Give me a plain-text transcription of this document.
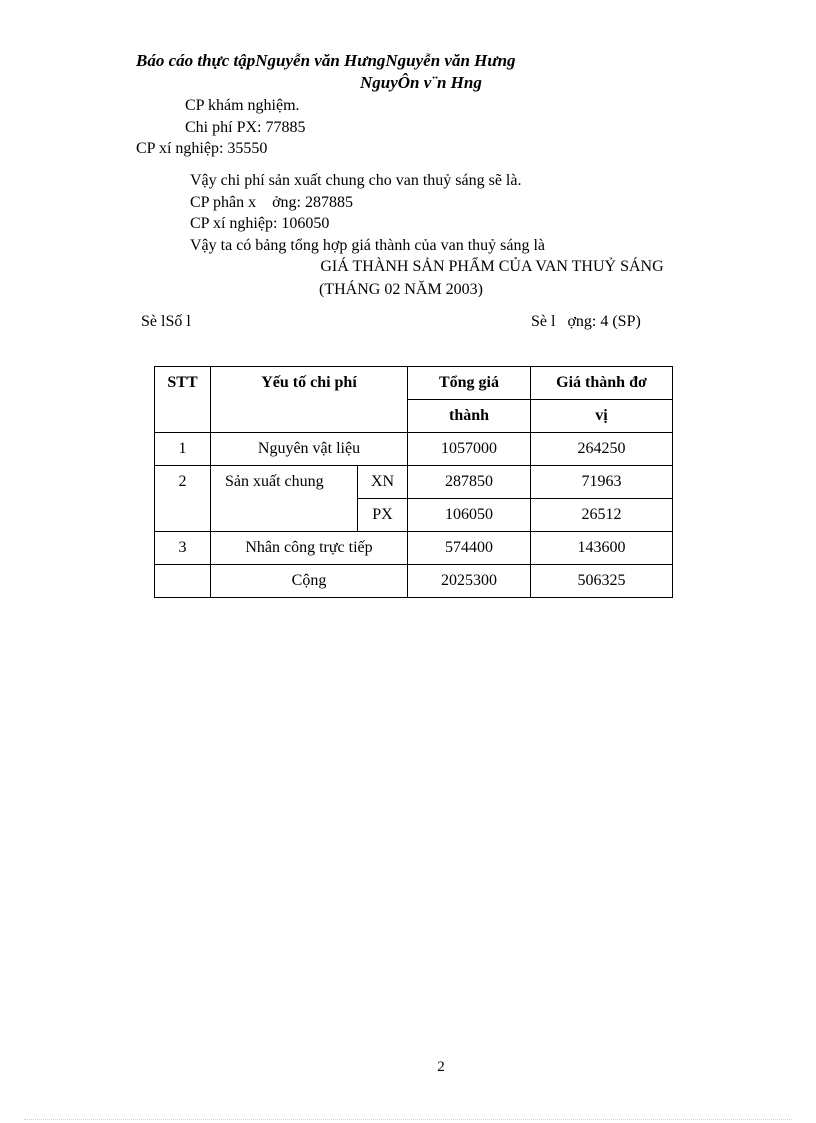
Báo cáo thực tậpNguyễn văn HưngNguyễn văn Hưng
NguyÔn v¨n Hng
CP khám nghiệm.
Chi phí PX: 77885
CP xí nghiệp: 35550
Vậy chi phí sản xuất chung cho van thuỷ sáng sẽ là.
CP phân x    ởng: 287885
CP xí nghiệp: 106050
Vậy ta có bảng tổng hợp giá thành của van thuỷ sáng là
GIÁ THÀNH SẢN PHẨM CỦA VAN THUỶ SÁNG
(THÁNG 02 NĂM 2003)
Sè lSố l	Sè l   ợng: 4 (SP)
STT	Yếu tố chi phí		Tổng giá	Giá thành đơ
			thành	vị
1	Nguyên vật liệu		1057000	264250
2	Sản xuất chung	XN	287850	71963
		PX	106050	26512
3	Nhân công trực tiếp		574400	143600
	Cộng		2025300	506325
2
